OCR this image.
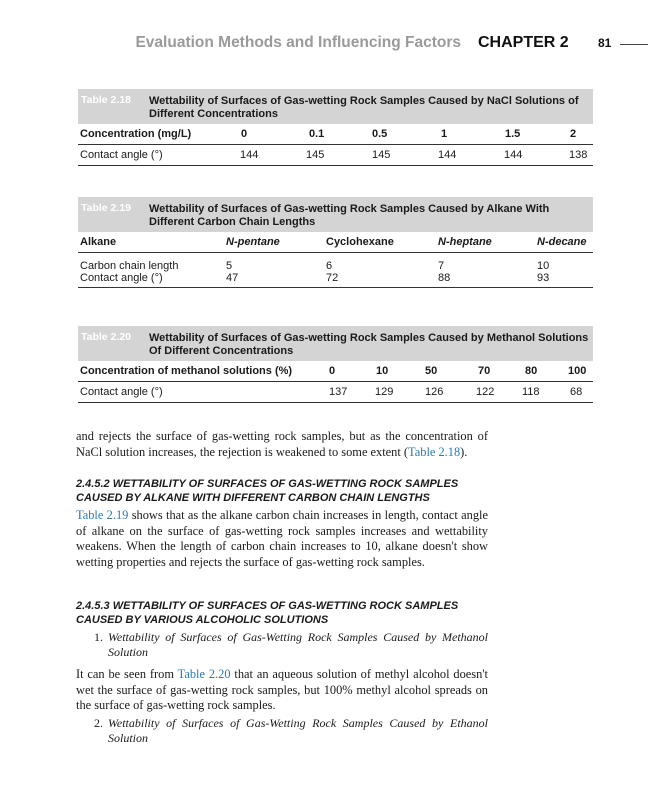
Evaluation Methods and Influencing Factors CHAPTER 2 81
Table 2.18 Wettability of Surfaces of Gas-wetting Rock Samples Caused by NaCl Solutions of Different Concentrations
Concentration (mg/L)	0	0.1	0.5	1	1.5	2
Contact angle (°)	144	145	145	144	144	138
Table 2.19 Wettability of Surfaces of Gas-wetting Rock Samples Caused by Alkane With Different Carbon Chain Lengths
Alkane	N-pentane	Cyclohexane	N-heptane	N-decane
Carbon chain length	5	6	7	10
Contact angle (°)	47	72	88	93
Table 2.20 Wettability of Surfaces of Gas-wetting Rock Samples Caused by Methanol Solutions Of Different Concentrations
Concentration of methanol solutions (%)	0	10	50	70	80	100
Contact angle (°)	137	129	126	122	118	68
and rejects the surface of gas-wetting rock samples, but as the concentration of NaCl solution increases, the rejection is weakened to some extent (Table 2.18).
2.4.5.2 WETTABILITY OF SURFACES OF GAS-WETTING ROCK SAMPLES CAUSED BY ALKANE WITH DIFFERENT CARBON CHAIN LENGTHS
Table 2.19 shows that as the alkane carbon chain increases in length, contact angle of alkane on the surface of gas-wetting rock samples increases and wettability weakens. When the length of carbon chain increases to 10, alkane doesn't show wetting properties and rejects the surface of gas-wetting rock samples.
2.4.5.3 WETTABILITY OF SURFACES OF GAS-WETTING ROCK SAMPLES CAUSED BY VARIOUS ALCOHOLIC SOLUTIONS
1. Wettability of Surfaces of Gas-Wetting Rock Samples Caused by Methanol Solution
It can be seen from Table 2.20 that an aqueous solution of methyl alcohol doesn't wet the surface of gas-wetting rock samples, but 100% methyl alcohol spreads on the surface of gas-wetting rock samples.
2. Wettability of Surfaces of Gas-Wetting Rock Samples Caused by Ethanol Solution
